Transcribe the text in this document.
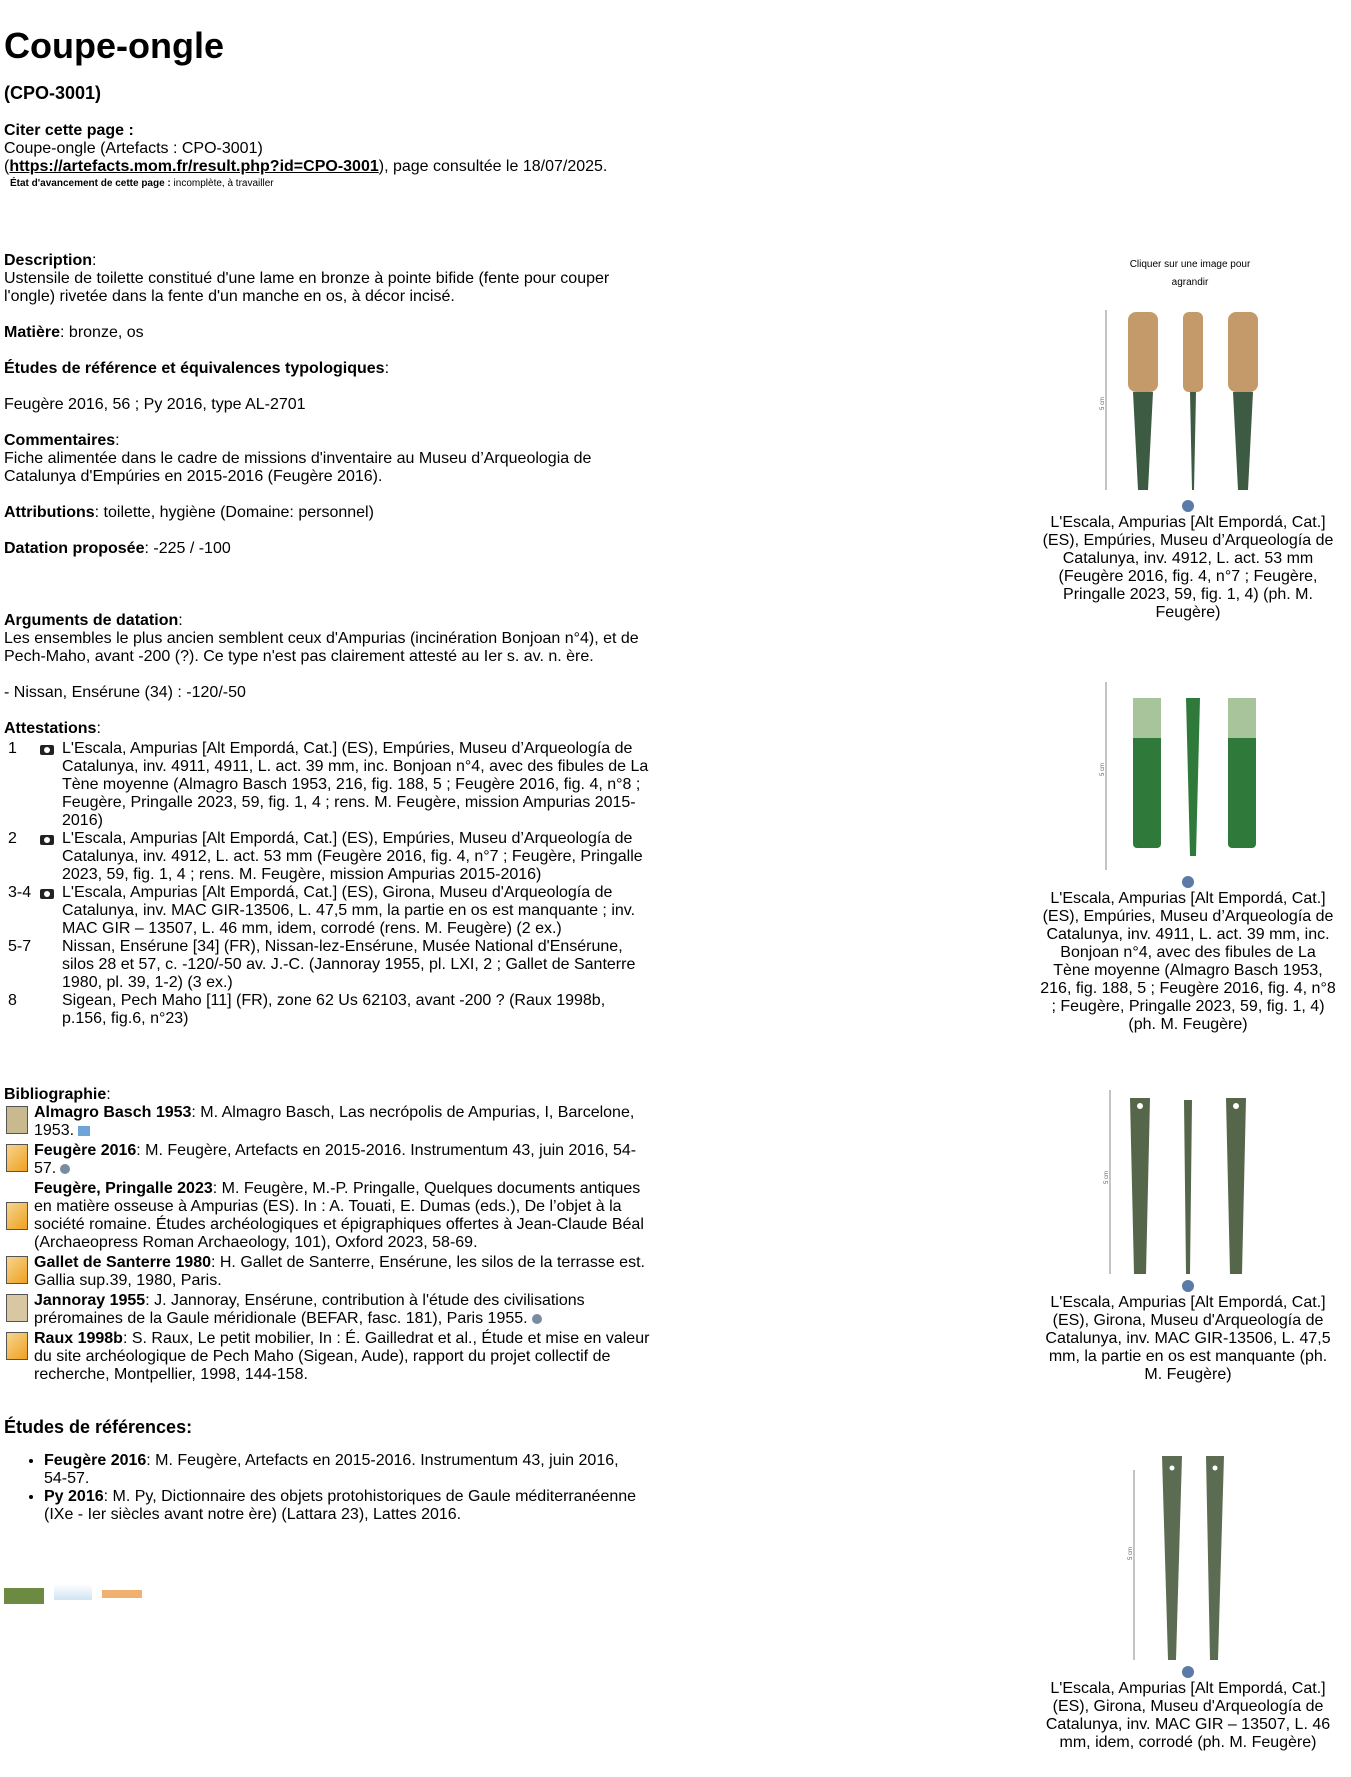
Coupe-ongle
(CPO-3001)
Citer cette page :
Coupe-ongle (Artefacts : CPO-3001)
(https://artefacts.mom.fr/result.php?id=CPO-3001), page consultée le 18/07/2025.
État d'avancement de cette page : incomplète, à travailler
Description:
Ustensile de toilette constitué d'une lame en bronze à pointe bifide (fente pour couper l'ongle) rivetée dans la fente d'un manche en os, à décor incisé.
Matière: bronze, os
Études de référence et équivalences typologiques:
Feugère 2016, 56 ; Py 2016, type AL-2701
Commentaires:
Fiche alimentée dans le cadre de missions d'inventaire au Museu d’Arqueologia de Catalunya d'Empúries en 2015-2016 (Feugère 2016).
Attributions: toilette, hygiène (Domaine: personnel)
Datation proposée: -225 / -100
Arguments de datation:
Les ensembles le plus ancien semblent ceux d'Ampurias (incinération Bonjoan n°4), et de Pech-Maho, avant -200 (?). Ce type n'est pas clairement attesté au Ier s. av. n. ère.
- Nissan, Ensérune (34) : -120/-50
Attestations:
1		L'Escala, Ampurias [Alt Empordá, Cat.] (ES), Empúries, Museu d’Arqueología de Catalunya, inv. 4911, 4911, L. act. 39 mm, inc. Bonjoan n°4, avec des fibules de La Tène moyenne (Almagro Basch 1953, 216, fig. 188, 5 ; Feugère 2016, fig. 4, n°8 ; Feugère, Pringalle 2023, 59, fig. 1, 4 ; rens. M. Feugère, mission Ampurias 2015-2016)
2		L'Escala, Ampurias [Alt Empordá, Cat.] (ES), Empúries, Museu d’Arqueología de Catalunya, inv. 4912, L. act. 53 mm (Feugère 2016, fig. 4, n°7 ; Feugère, Pringalle 2023, 59, fig. 1, 4 ; rens. M. Feugère, mission Ampurias 2015-2016)
3-4		L'Escala, Ampurias [Alt Empordá, Cat.] (ES), Girona, Museu d'Arqueología de Catalunya, inv. MAC GIR-13506, L. 47,5 mm, la partie en os est manquante ; inv. MAC GIR – 13507, L. 46 mm, idem, corrodé (rens. M. Feugère) (2 ex.)
5-7		Nissan, Ensérune [34] (FR), Nissan-lez-Ensérune, Musée National d'Ensérune, silos 28 et 57, c. -120/-50 av. J.-C. (Jannoray 1955, pl. LXI, 2 ; Gallet de Santerre 1980, pl. 39, 1-2) (3 ex.)
8		Sigean, Pech Maho [11] (FR), zone 62 Us 62103, avant -200 ? (Raux 1998b, p.156, fig.6, n°23)
Bibliographie:
Almagro Basch 1953: M. Almagro Basch, Las necrópolis de Ampurias, I, Barcelone, 1953.
Feugère 2016: M. Feugère, Artefacts en 2015-2016. Instrumentum 43, juin 2016, 54-57.
Feugère, Pringalle 2023: M. Feugère, M.-P. Pringalle, Quelques documents antiques en matière osseuse à Ampurias (ES). In : A. Touati, E. Dumas (eds.), De l’objet à la société romaine. Études archéologiques et épigraphiques offertes à Jean-Claude Béal (Archaeopress Roman Archaeology, 101), Oxford 2023, 58-69.
Gallet de Santerre 1980: H. Gallet de Santerre, Ensérune, les silos de la terrasse est. Gallia sup.39, 1980, Paris.
Jannoray 1955: J. Jannoray, Ensérune, contribution à l'étude des civilisations préromaines de la Gaule méridionale (BEFAR, fasc. 181), Paris 1955.
Raux 1998b: S. Raux, Le petit mobilier, In : É. Gailledrat et al., Étude et mise en valeur du site archéologique de Pech Maho (Sigean, Aude), rapport du projet collectif de recherche, Montpellier, 1998, 144-158.
Études de références:
• Feugère 2016: M. Feugère, Artefacts en 2015-2016. Instrumentum 43, juin 2016, 54-57.
• Py 2016: M. Py, Dictionnaire des objets protohistoriques de Gaule méditerranéenne (IXe - Ier siècles avant notre ère) (Lattara 23), Lattes 2016.
Cliquer sur une image pour agrandir
5 cm
L'Escala, Ampurias [Alt Empordá, Cat.] (ES), Empúries, Museu d’Arqueología de Catalunya, inv. 4912, L. act. 53 mm (Feugère 2016, fig. 4, n°7 ; Feugère, Pringalle 2023, 59, fig. 1, 4) (ph. M. Feugère)
5 cm
L'Escala, Ampurias [Alt Empordá, Cat.] (ES), Empúries, Museu d’Arqueología de Catalunya, inv. 4911, L. act. 39 mm, inc. Bonjoan n°4, avec des fibules de La Tène moyenne (Almagro Basch 1953, 216, fig. 188, 5 ; Feugère 2016, fig. 4, n°8 ; Feugère, Pringalle 2023, 59, fig. 1, 4) (ph. M. Feugère)
5 cm
L'Escala, Ampurias [Alt Empordá, Cat.] (ES), Girona, Museu d'Arqueología de Catalunya, inv. MAC GIR-13506, L. 47,5 mm, la partie en os est manquante (ph. M. Feugère)
5 cm
L'Escala, Ampurias [Alt Empordá, Cat.] (ES), Girona, Museu d'Arqueología de Catalunya, inv. MAC GIR – 13507, L. 46 mm, idem, corrodé (ph. M. Feugère)
